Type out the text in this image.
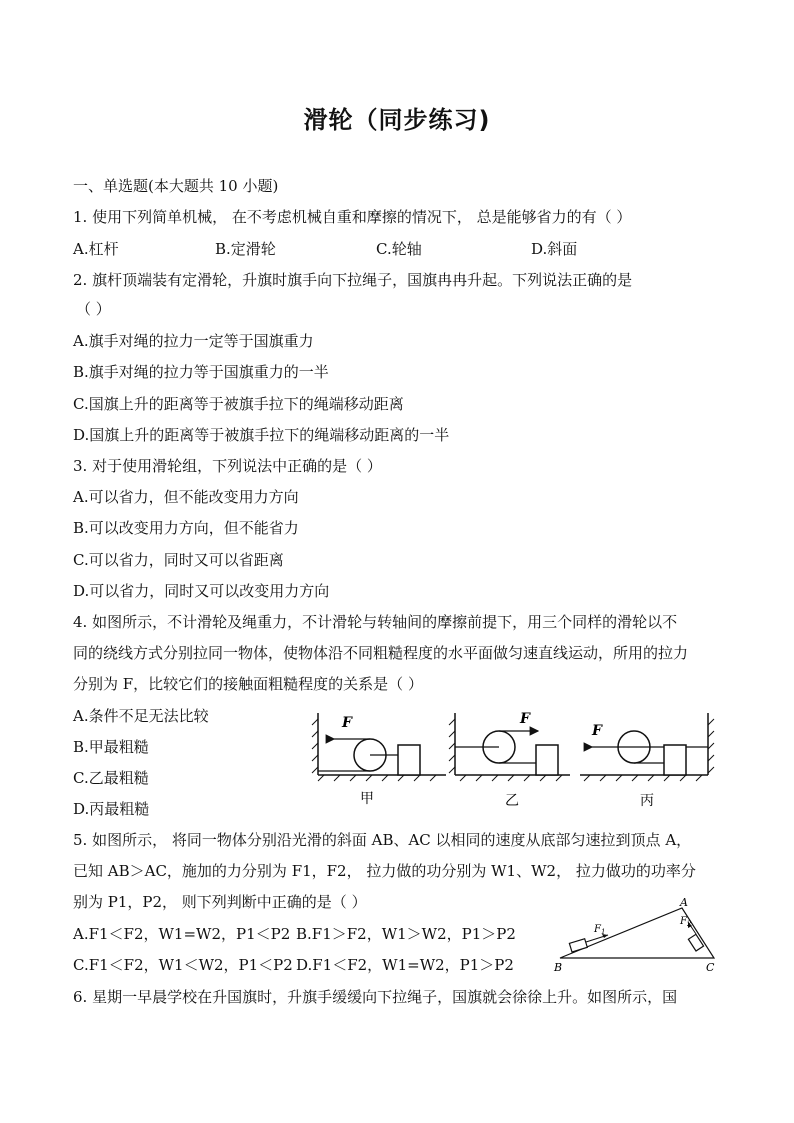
滑轮（同步练习)
一、单选题(本大题共 10 小题)
1. 使用下列简单机械， 在不考虑机械自重和摩擦的情况下， 总是能够省力的有（ ）
A.杠杆	B.定滑轮	C.轮轴	D.斜面
2. 旗杆顶端装有定滑轮，升旗时旗手向下拉绳子，国旗冉冉升起。下列说法正确的是
（ ）
A.旗手对绳的拉力一定等于国旗重力
B.旗手对绳的拉力等于国旗重力的一半
C.国旗上升的距离等于被旗手拉下的绳端移动距离
D.国旗上升的距离等于被旗手拉下的绳端移动距离的一半
3. 对于使用滑轮组，下列说法中正确的是（ ）
A.可以省力，但不能改变用力方向
B.可以改变用力方向，但不能省力
C.可以省力，同时又可以省距离
D.可以省力，同时又可以改变用力方向
4. 如图所示，不计滑轮及绳重力，不计滑轮与转轴间的摩擦前提下，用三个同样的滑轮以不
同的绕线方式分别拉同一物体，使物体沿不同粗糙程度的水平面做匀速直线运动，所用的拉力
分别为 F，比较它们的接触面粗糙程度的关系是（ ）
A.条件不足无法比较
B.甲最粗糙
C.乙最粗糙
D.丙最粗糙
F
甲
F
乙
F
丙
5. 如图所示， 将同一物体分别沿光滑的斜面 AB、AC 以相同的速度从底部匀速拉到顶点 A，
已知 AB＞AC，施加的力分别为 F1，F2， 拉力做的功分别为 W1、W2， 拉力做功的功率分
别为 P1，P2， 则下列判断中正确的是（ ）
A.F1＜F2，W1=W2，P1＜P2 B.F1＞F2，W1＞W2，P1＞P2
C.F1＜F2，W1＜W2，P1＜P2 D.F1＜F2，W1=W2，P1＞P2
A
B	C
$F_1$
$F_2$
6. 星期一早晨学校在升国旗时，升旗手缓缓向下拉绳子，国旗就会徐徐上升。如图所示，国
